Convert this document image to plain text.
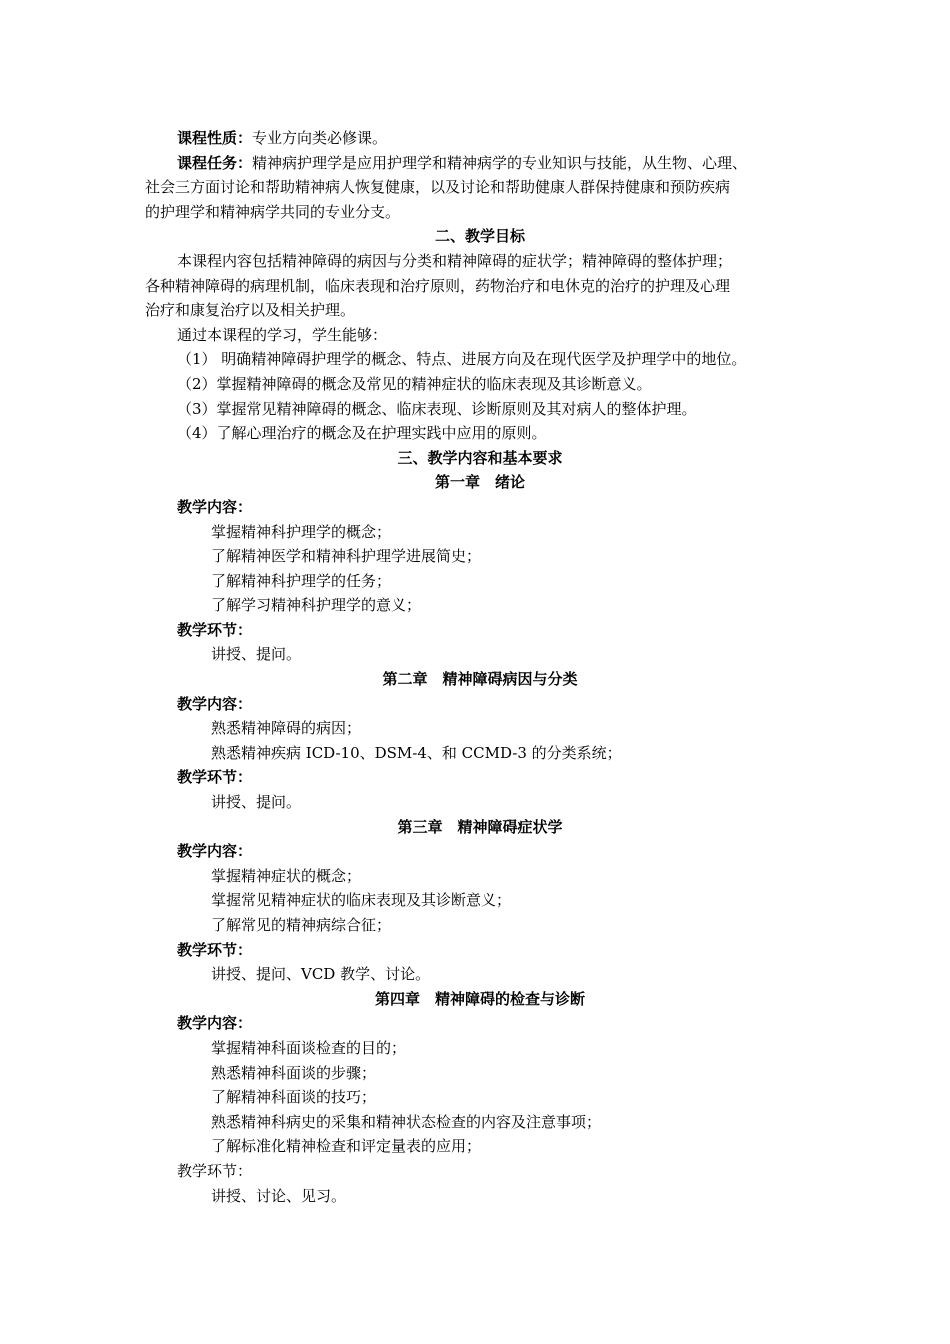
课程性质：专业方向类必修课。
课程任务：精神病护理学是应用护理学和精神病学的专业知识与技能，从生物、心理、
社会三方面讨论和帮助精神病人恢复健康，以及讨论和帮助健康人群保持健康和预防疾病
的护理学和精神病学共同的专业分支。
二、教学目标
本课程内容包括精神障碍的病因与分类和精神障碍的症状学；精神障碍的整体护理；
各种精神障碍的病理机制，临床表现和治疗原则，药物治疗和电休克的治疗的护理及心理
治疗和康复治疗以及相关护理。
通过本课程的学习，学生能够：
（1） 明确精神障碍护理学的概念、特点、进展方向及在现代医学及护理学中的地位。
（2）掌握精神障碍的概念及常见的精神症状的临床表现及其诊断意义。
（3）掌握常见精神障碍的概念、临床表现、诊断原则及其对病人的整体护理。
（4）了解心理治疗的概念及在护理实践中应用的原则。
三、教学内容和基本要求
第一章　绪论
教学内容：
掌握精神科护理学的概念；
了解精神医学和精神科护理学进展简史；
了解精神科护理学的任务；
了解学习精神科护理学的意义；
教学环节：
讲授、提问。
第二章　精神障碍病因与分类
教学内容：
熟悉精神障碍的病因；
熟悉精神疾病 ICD-10、DSM-4、和 CCMD-3 的分类系统；
教学环节：
讲授、提问。
第三章　精神障碍症状学
教学内容：
掌握精神症状的概念；
掌握常见精神症状的临床表现及其诊断意义；
了解常见的精神病综合征；
教学环节：
讲授、提问、VCD 教学、讨论。
第四章　精神障碍的检查与诊断
教学内容：
掌握精神科面谈检查的目的；
熟悉精神科面谈的步骤；
了解精神科面谈的技巧；
熟悉精神科病史的采集和精神状态检查的内容及注意事项；
了解标准化精神检查和评定量表的应用；
教学环节：
讲授、讨论、见习。
